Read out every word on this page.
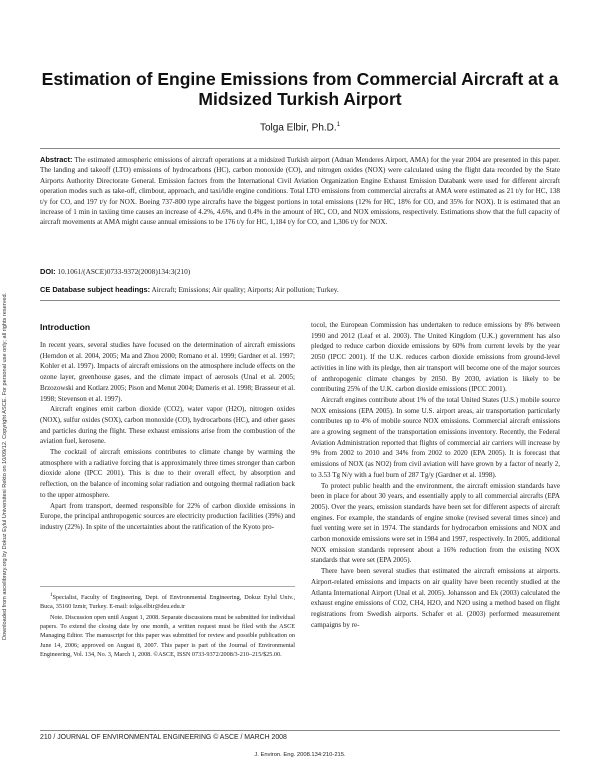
Downloaded from ascelibrary.org by Dokuz Eylul Universitesi Rekto on 10/09/12. Copyright ASCE. For personal use only; all rights reserved.
Estimation of Engine Emissions from Commercial Aircraft at a Midsized Turkish Airport
Tolga Elbir, Ph.D.$^1$
Abstract: The estimated atmospheric emissions of aircraft operations at a midsized Turkish airport (Adnan Menderes Airport, AMA) for the year 2004 are presented in this paper. The landing and takeoff (LTO) emissions of hydrocarbons (HC), carbon monoxide (CO), and nitrogen oxides (NOX) were calculated using the flight data recorded by the State Airports Authority Directorate General. Emission factors from the International Civil Aviation Organization Engine Exhaust Emission Databank were used for different aircraft operation modes such as take-off, climbout, approach, and taxi/idle engine conditions. Total LTO emissions from commercial aircrafts at AMA were estimated as 21 t/y for HC, 138 t/y for CO, and 197 t/y for NOX. Boeing 737-800 type aircrafts have the biggest portions in total emissions (12% for HC, 18% for CO, and 35% for NOX). It is estimated that an increase of 1 min in taxiing time causes an increase of 4.2%, 4.6%, and 0.4% in the amount of HC, CO, and NOX emissions, respectively. Estimations show that the full capacity of aircraft movements at AMA might cause annual emissions to be 176 t/y for HC, 1,184 t/y for CO, and 1,306 t/y for NOX.
DOI: 10.1061/(ASCE)0733-9372(2008)134:3(210)
CE Database subject headings: Aircraft; Emissions; Air quality; Airports; Air pollution; Turkey.
Introduction

In recent years, several studies have focused on the determination of aircraft emissions (Herndon et al. 2004, 2005; Ma and Zhou 2000; Romano et al. 1999; Gardner et al. 1997; Kohler et al. 1997). Impacts of aircraft emissions on the atmosphere include effects on the ozone layer, greenhouse gases, and the climate impact of aerosols (Unal et al. 2005; Brzozowski and Kotlarz 2005; Pison and Menut 2004; Dameris et al. 1998; Brasseur et al. 1998; Stevenson et al. 1997).

Aircraft engines emit carbon dioxide (CO2), water vapor (H2O), nitrogen oxides (NOX), sulfur oxides (SOX), carbon monoxide (CO), hydrocarbons (HC), and other gases and particles during the flight. These exhaust emissions arise from the combustion of the aviation fuel, kerosene.

The cocktail of aircraft emissions contributes to climate change by warming the atmosphere with a radiative forcing that is approximately three times stronger than carbon dioxide alone (IPCC 2001). This is due to their overall effect, by absorption and reflection, on the balance of incoming solar radiation and outgoing thermal radiation back to the upper atmosphere.

Apart from transport, deemed responsible for 22% of carbon dioxide emissions in Europe, the principal anthropogenic sources are electricity production facilities (39%) and industry (22%). In spite of the uncertainties about the ratification of the Kyoto pro-

$^1$Specialist, Faculty of Engineering, Dept. of Environmental Engineering, Dokuz Eylul Univ., Buca, 35160 Izmir, Turkey. E-mail: tolga.elbir@deu.edu.tr

Note. Discussion open until August 1, 2008. Separate discussions must be submitted for individual papers. To extend the closing date by one month, a written request must be filed with the ASCE Managing Editor. The manuscript for this paper was submitted for review and possible publication on June 14, 2006; approved on August 8, 2007. This paper is part of the Journal of Environmental Engineering, Vol. 134, No. 3, March 1, 2008. ©ASCE, ISSN 0733-9372/2008/3-210–215/$25.00.

tocol, the European Commission has undertaken to reduce emissions by 8% between 1990 and 2012 (Leaf et al. 2003). The United Kingdom (U.K.) government has also pledged to reduce carbon dioxide emissions by 60% from current levels by the year 2050 (IPCC 2001). If the U.K. reduces carbon dioxide emissions from ground-level activities in line with its pledge, then air transport will become one of the major sources of anthropogenic climate changes by 2050. By 2030, aviation is likely to be contributing 25% of the U.K. carbon dioxide emissions (IPCC 2001).

Aircraft engines contribute about 1% of the total United States (U.S.) mobile source NOX emissions (EPA 2005). In some U.S. airport areas, air transportation particularly contributes up to 4% of mobile source NOX emissions. Commercial aircraft emissions are a growing segment of the transportation emissions inventory. Recently, the Federal Aviation Administration reported that flights of commercial air carriers will increase by 9% from 2002 to 2010 and 34% from 2002 to 2020 (EPA 2005). It is forecast that emissions of NOX (as NO2) from civil aviation will have grown by a factor of nearly 2, to 3.53 Tg N/y with a fuel burn of 287 Tg/y (Gardner et al. 1998).

To protect public health and the environment, the aircraft emission standards have been in place for about 30 years, and essentially apply to all commercial aircrafts (EPA 2005). Over the years, emission standards have been set for different aspects of aircraft engines. For example, the standards of engine smoke (revised several times since) and fuel venting were set in 1974. The standards for hydrocarbon emissions and NOX and carbon monoxide emissions were set in 1984 and 1997, respectively. In 2005, additional NOX emission standards represent about a 16% reduction from the existing NOX standards that were set (EPA 2005).

There have been several studies that estimated the aircraft emissions at airports. Airport-related emissions and impacts on air quality have been recently studied at the Atlanta International Airport (Unal et al. 2005). Johansson and Ek (2003) calculated the exhaust engine emissions of CO2, CH4, H2O, and N2O using a method based on flight registrations from Swedish airports. Schafer et al. (2003) performed measurement campaigns by re-

210 / JOURNAL OF ENVIRONMENTAL ENGINEERING © ASCE / MARCH 2008
J. Environ. Eng. 2008.134:210-215.
